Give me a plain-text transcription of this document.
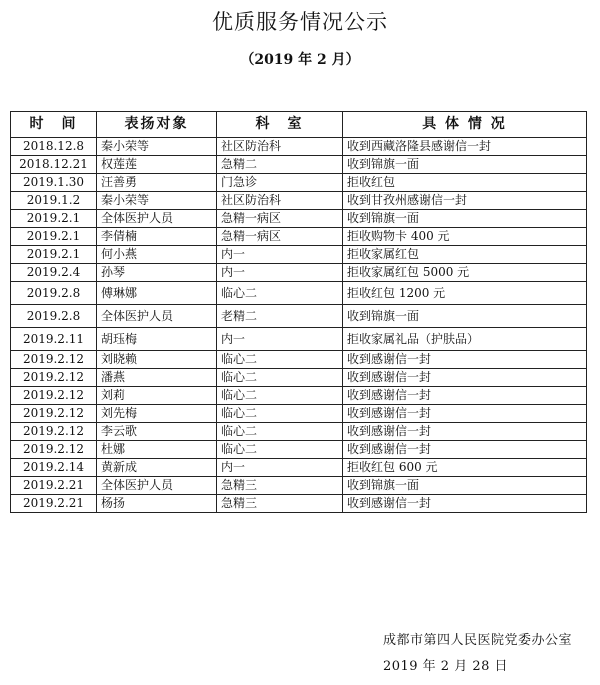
优质服务情况公示
（2019 年 2 月）
时　间	表扬对象	科　室	具 体 情 况
2018.12.8	秦小荣等	社区防治科	收到西藏洛隆县感谢信一封
2018.12.21	权莲莲	急精二	收到锦旗一面
2019.1.30	汪善勇	门急诊	拒收红包
2019.1.2	秦小荣等	社区防治科	收到甘孜州感谢信一封
2019.2.1	全体医护人员	急精一病区	收到锦旗一面
2019.2.1	李倩楠	急精一病区	拒收购物卡 400 元
2019.2.1	何小燕	内一	拒收家属红包
2019.2.4	孙琴	内一	拒收家属红包 5000 元
2019.2.8	傅琳娜	临心二	拒收红包 1200 元
2019.2.8	全体医护人员	老精二	收到锦旗一面
2019.2.11	胡珏梅	内一	拒收家属礼品（护肤品）
2019.2.12	刘晓赖	临心二	收到感谢信一封
2019.2.12	潘燕	临心二	收到感谢信一封
2019.2.12	刘莉	临心二	收到感谢信一封
2019.2.12	刘先梅	临心二	收到感谢信一封
2019.2.12	李云歌	临心二	收到感谢信一封
2019.2.12	杜娜	临心二	收到感谢信一封
2019.2.14	黄新成	内一	拒收红包 600 元
2019.2.21	全体医护人员	急精三	收到锦旗一面
2019.2.21	杨扬	急精三	收到感谢信一封
成都市第四人民医院党委办公室
2019 年 2 月 28 日
